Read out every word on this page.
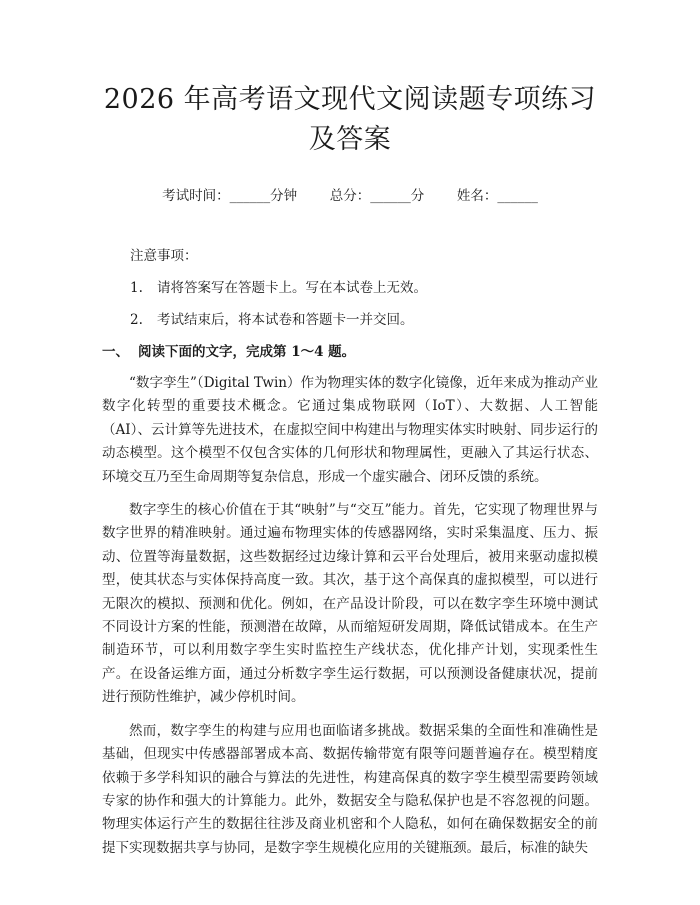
2026 年高考语文现代文阅读题专项练习及答案
考试时间：______分钟 总分：______分 姓名：______
注意事项：
1. 请将答案写在答题卡上。写在本试卷上无效。
2. 考试结束后，将本试卷和答题卡一并交回。
一、 阅读下面的文字，完成第 1～4 题。

“数字孪生”（Digital Twin）作为物理实体的数字化镜像，近年来成为推动产业数字化转型的重要技术概念。它通过集成物联网（IoT）、大数据、人工智能（AI）、云计算等先进技术，在虚拟空间中构建出与物理实体实时映射、同步运行的动态模型。这个模型不仅包含实体的几何形状和物理属性，更融入了其运行状态、环境交互乃至生命周期等复杂信息，形成一个虚实融合、闭环反馈的系统。

数字孪生的核心价值在于其“映射”与“交互”能力。首先，它实现了物理世界与数字世界的精准映射。通过遍布物理实体的传感器网络，实时采集温度、压力、振动、位置等海量数据，这些数据经过边缘计算和云平台处理后，被用来驱动虚拟模型，使其状态与实体保持高度一致。其次，基于这个高保真的虚拟模型，可以进行无限次的模拟、预测和优化。例如，在产品设计阶段，可以在数字孪生环境中测试不同设计方案的性能，预测潜在故障，从而缩短研发周期，降低试错成本。在生产制造环节，可以利用数字孪生实时监控生产线状态，优化排产计划，实现柔性生产。在设备运维方面，通过分析数字孪生运行数据，可以预测设备健康状况，提前进行预防性维护，减少停机时间。

然而，数字孪生的构建与应用也面临诸多挑战。数据采集的全面性和准确性是基础，但现实中传感器部署成本高、数据传输带宽有限等问题普遍存在。模型精度依赖于多学科知识的融合与算法的先进性，构建高保真的数字孪生模型需要跨领域专家的协作和强大的计算能力。此外，数据安全与隐私保护也是不容忽视的问题。物理实体运行产生的数据往往涉及商业机密和个人隐私，如何在确保数据安全的前提下实现数据共享与协同，是数字孪生规模化应用的关键瓶颈。最后，标准的缺失
